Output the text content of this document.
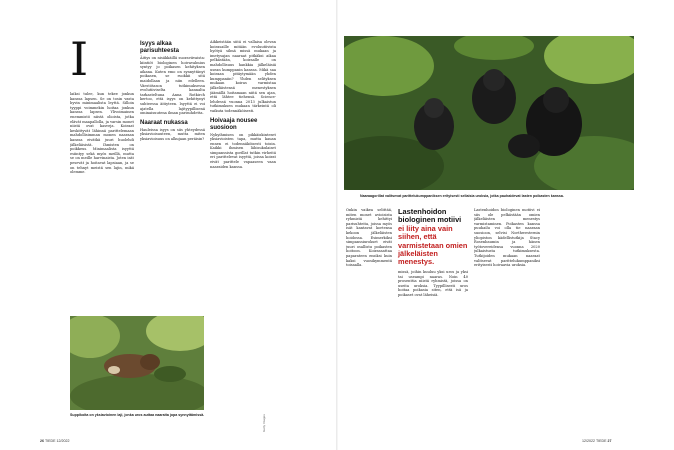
I

laiksi tulee, kun tekee jonkun kanssa lapsen. Se on tosin vasta hyvin minimaalista leyttä. Silloin tyyppi voimmekin hoitaa jonkun kanssa lapsen. Ylivoimainen enemmistö niistä olioista, jotka elävät maapallolla, ja varsin monet niistä ovat kasveja. Koiraat keskittyvät lähinnä parittelemaan mahdollisimman monen naaraan kanssa eivätkä juuri huolehdi jälkeläisistä. Ihmisten on poikkeus. Minimaalista isyyttä esiintyy sekä myös meillä, mutta se on meille harvinaista. Joten isät pesevät ja hoitavat lapsiaan, ja se on tehnyt meistä sen lajin, mikä olemme.

Isyys alkaa parisuhteesta

Äitiys on nisäkkäillä suoraviivaista: kiintiöt biologinen hoivavalmius syntyy jo poikasen kehityksen aikana. Kuten emo on synnyttänyt poikasen, se ruokkii sitä maidollaan ja niin edelleen. Väestötason tutkimuksessa evolutiiviselta kannalta tarkasteltuna Anna Rotkirch kertoo, että isyys on kehittynyt suhteessa äitiyteen. Isyyttä ei voi ajatella lajityypillisenä ominaisuutena ilman parisuhdetta.

Naaraat nukassa

Hauleissa isyys on siis yhteydessä yksiavioisuuteen, mutta miten yksiavioisuus on alkujaan peräisin?

Äikkeistään siitä ei vallaisa olevan koirasaille mitään evoluutiivista hyötyä silmä missä mukaan ja imetysajan naaraat pitkäksi aikaa pelkästään, koiraalle on mahdollisuus hankkia jälkeläisiä usean kumppanin kanssa. Mikä saa koiraan pitäytymään yhden kumppaniin? Yhden selityksen mukaan koiras varmistaa jälkeläistensä menestyksen jäämällä hoitamaan niitä sen ajan, että lähtee tiehensä. Science-lehdessä vuonna 2013 julkaistun tutkimuksen mukaan tärkeintä oli vaikuta todennäköisesti.

Hoivaaja nousee suosioon

Nykyihmisen on pikkäiskinteset yksiavioisten tapa, mutta kauan ennen ei todennäköisesti toisin. Kaikki ihmisen lähisukulaiset simpanssista gorillat tutkin virheitä eri parittelevat isyyttä, joissa koirat eivät parittele vapaaseen vaan naaraiden kanssa.

Suppikoita on yksiavioinen laji, jonka uros auttaa naaraita jopa synnyttämissä.	Getty Images
26 TIEDE 12/2022
Naaraagorillat valitsevat parittelukumppaniksen erityisesti sellaisia uroksia, jotka pauhaidevat lasten poikasten kanssa.

Onkin vaikea selittää, miten monet avioisista ryhmistä kehittyi parisuhteita, joissa myös isät kantavat kortensa kekoon jälkeläisten hoidossa. Esimerkiksi simpanssiurokset eivät juuri osallistu poikasten hoitoon. Koirasaattaa paparateen ensiksi kuin kaksi vuosikymmentä toisaalla.

Lastenhoidon biologinen motiivi ei liity aina vain siihen, että varmistetaan omien jälkeläisten menestys.

missä, joihin kuuluu yksi uros ja yksi tai useampi naaras. Noin 40 prosenttia niistä ryhmistä, joissa on useita uroksia. Tyypillisesti uros hoitaa poikasia siten, että isä ja poikaset ovat läheisiä.

Lastenhoidon biologinen motiivi ei siis ole pelkästään omien jälkeläisten menestys varmistaminen. Poikasten kanssa puuhailu voi olla tie naaraan suosioon, selvisi Northwesternin yliopiston kädellistutkija Stacy Rosenbaumin ja hänen työtovereidensa vuonna 2020 julkaistusta tutkimuksesta. Tutkijoiden mukaan naaraat valitsevat parittelukumppaniksi erityisesti hoivaavia uroksia.

12/2022 TIEDE 27
